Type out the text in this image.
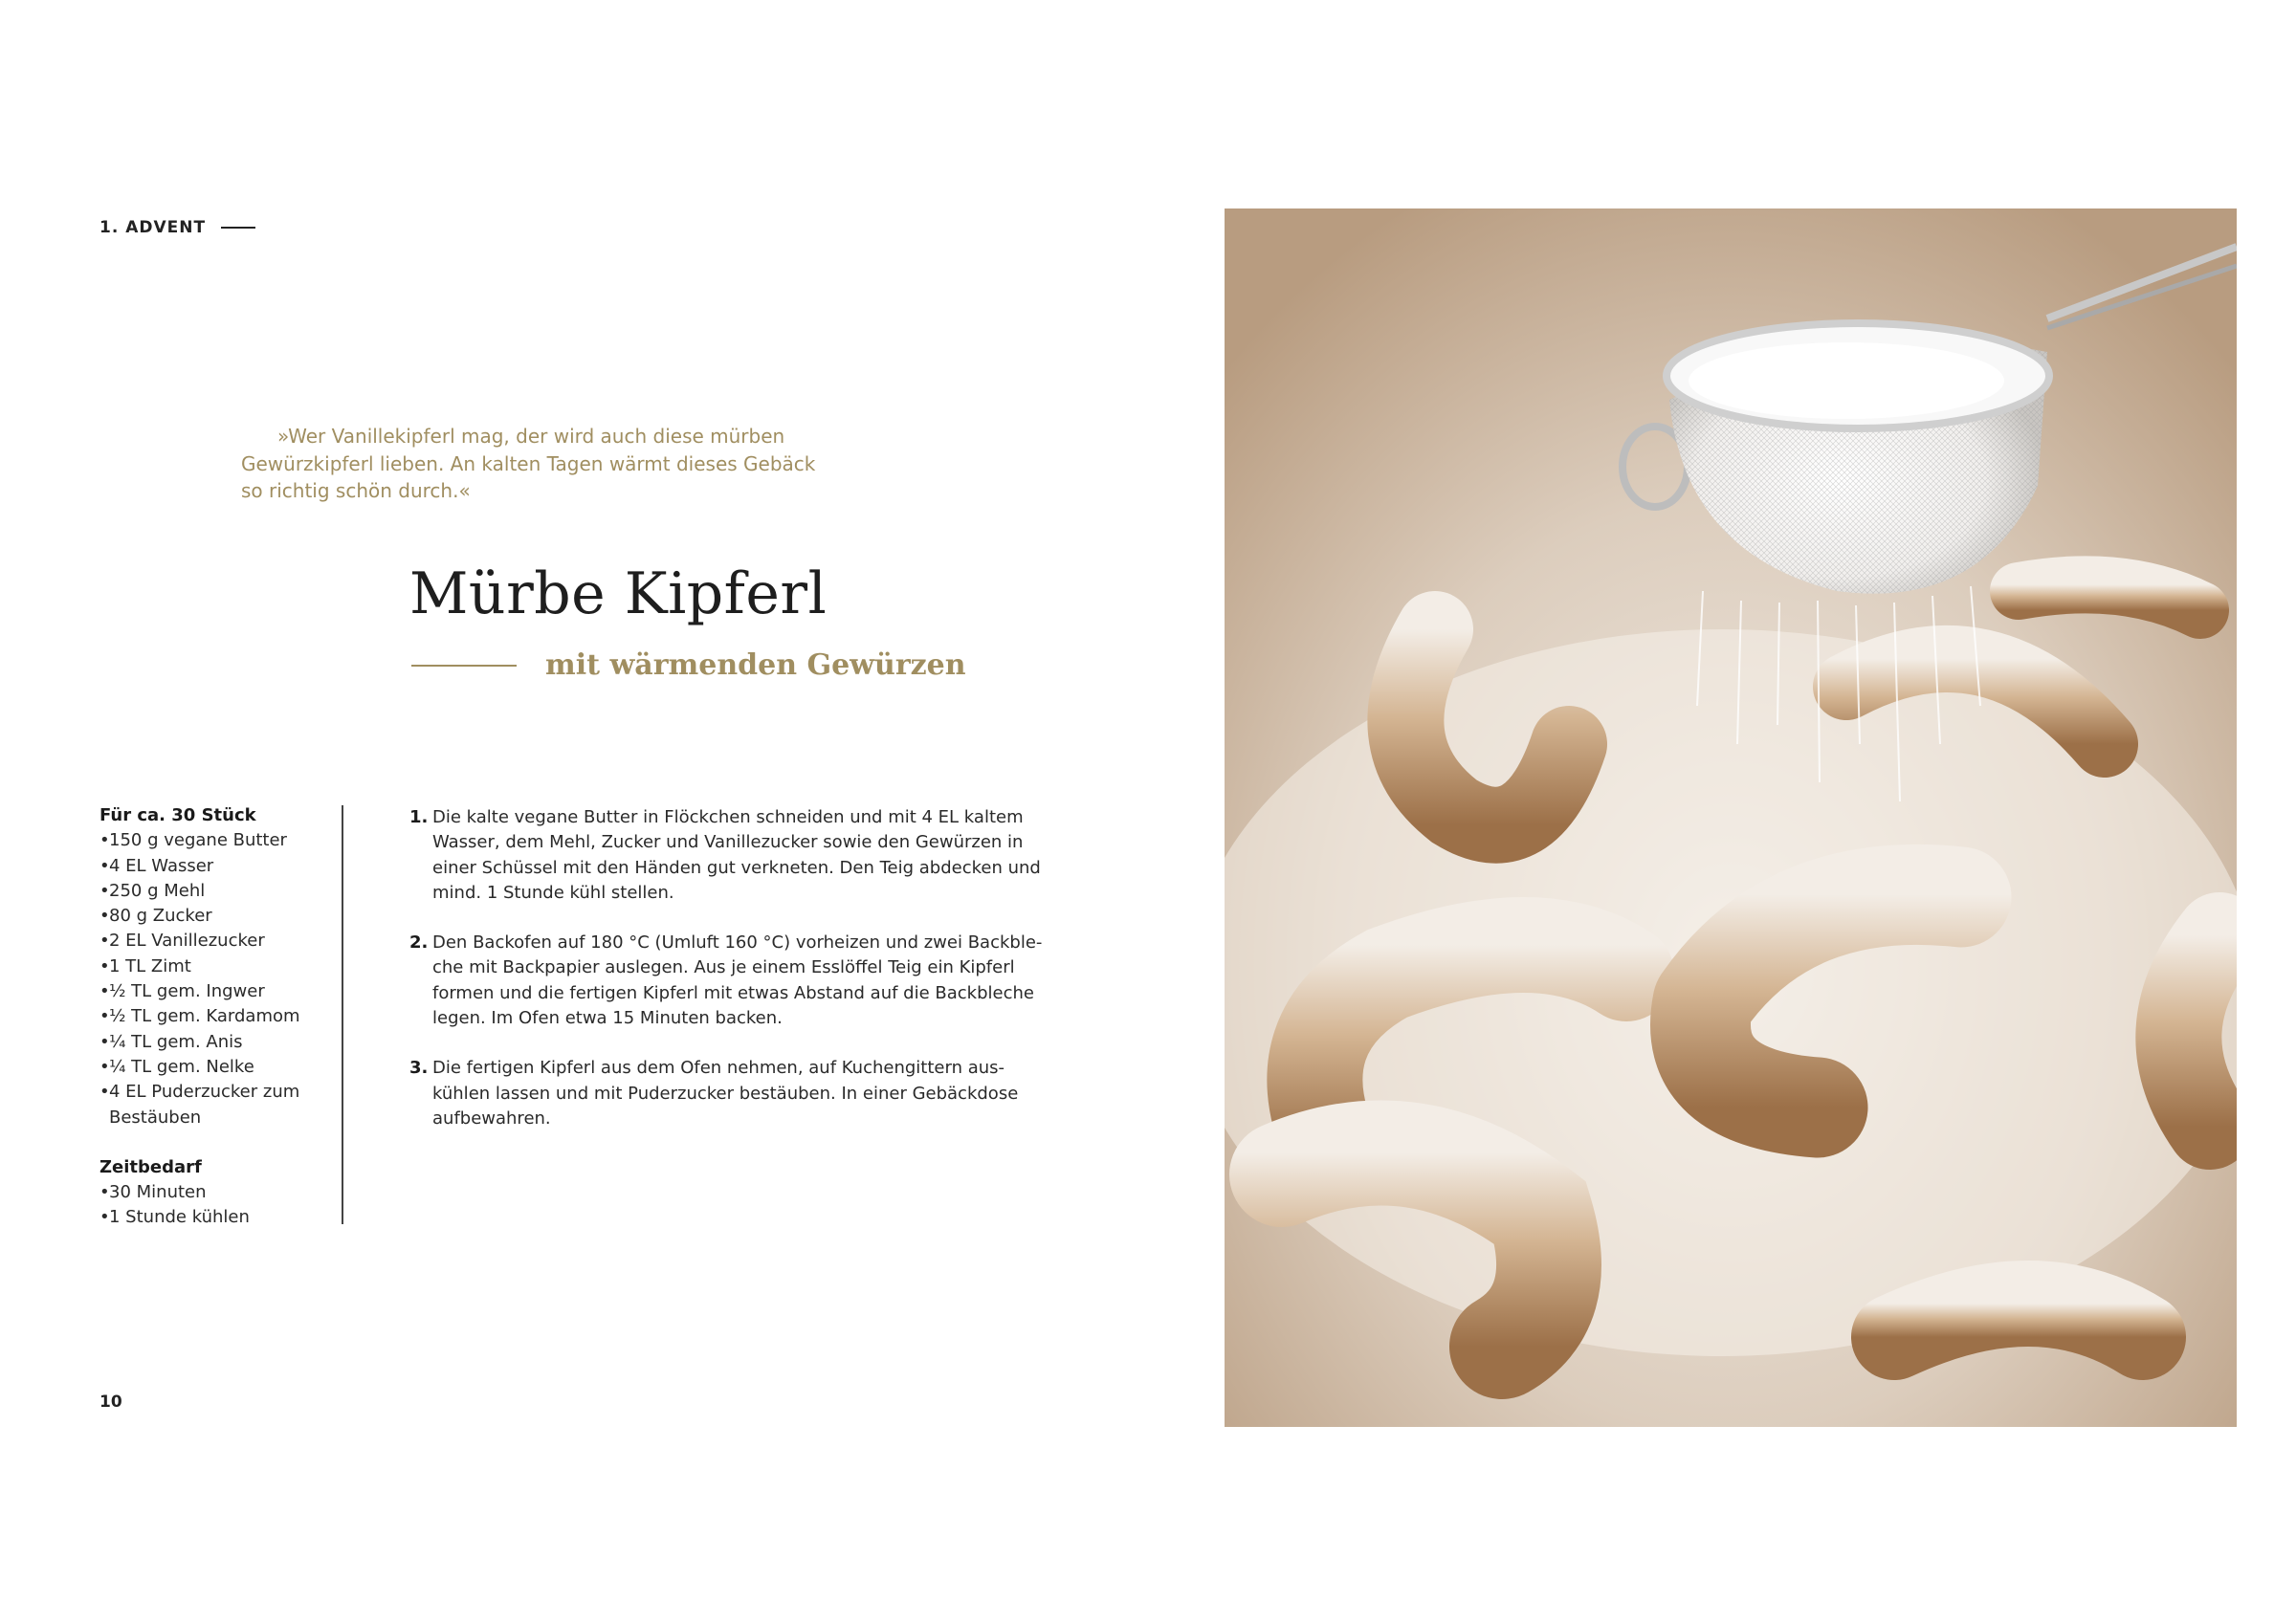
1. ADVENT
»Wer Vanillekipferl mag, der wird auch diese mürben
Gewürzkipferl lieben. An kalten Tagen wärmt dieses Gebäck
so richtig schön durch.«
Mürbe Kipferl
mit wärmenden Gewürzen
Für ca. 30 Stück
• 150 g vegane Butter
• 4 EL Wasser
• 250 g Mehl
• 80 g Zucker
• 2 EL Vanillezucker
• 1 TL Zimt
• ½ TL gem. Ingwer
• ½ TL gem. Kardamom
• ¼ TL gem. Anis
• ¼ TL gem. Nelke
• 4 EL Puderzucker zum
Bestäuben
Zeitbedarf
• 30 Minuten
• 1 Stunde kühlen
1. Die kalte vegane Butter in Flöckchen schneiden und mit 4 EL kaltem
Wasser, dem Mehl, Zucker und Vanillezucker sowie den Gewürzen in
einer Schüssel mit den Händen gut verkneten. Den Teig abdecken und
mind. 1 Stunde kühl stellen.
2. Den Backofen auf 180 °C (Umluft 160 °C) vorheizen und zwei Backble-
che mit Backpapier auslegen. Aus je einem Esslöffel Teig ein Kipferl
formen und die fertigen Kipferl mit etwas Abstand auf die Backbleche
legen. Im Ofen etwa 15 Minuten backen.
3. Die fertigen Kipferl aus dem Ofen nehmen, auf Kuchengittern aus-
kühlen lassen und mit Puderzucker bestäuben. In einer Gebäckdose
aufbewahren.
10
